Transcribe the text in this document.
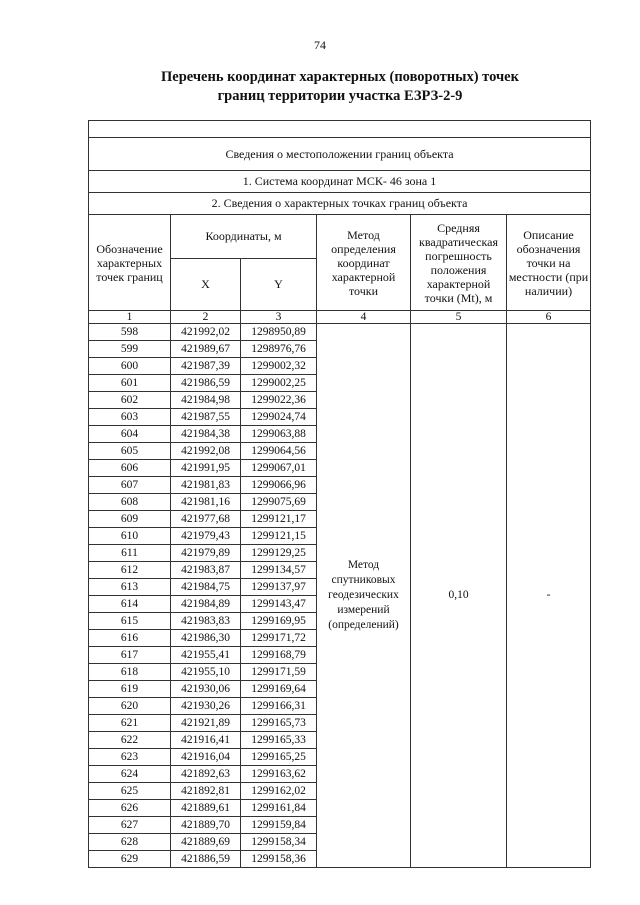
74
Перечень координат характерных (поворотных) точек
границ территории участка ЕЗРЗ-2-9

Сведения о местоположении границ объекта					
1. Система координат МСК- 46 зона 1					
2. Сведения о характерных точках границ объекта					
Обозначение характерных точек границ	Координаты, м		Метод определения координат характерной точки	Средняя квадратическая погрешность положения характерной точки (Mt), м	Описание обозначения точки на местности (при наличии)
	X	Y			
1	2	3	4	5	6
598	421992,02	1298950,89	Метод спутниковых геодезических измерений (определений)	0,10	-
599	421989,67	1298976,76			
600	421987,39	1299002,32			
601	421986,59	1299002,25			
602	421984,98	1299022,36			
603	421987,55	1299024,74			
604	421984,38	1299063,88			
605	421992,08	1299064,56			
606	421991,95	1299067,01			
607	421981,83	1299066,96			
608	421981,16	1299075,69			
609	421977,68	1299121,17			
610	421979,43	1299121,15			
611	421979,89	1299129,25			
612	421983,87	1299134,57			
613	421984,75	1299137,97			
614	421984,89	1299143,47			
615	421983,83	1299169,95			
616	421986,30	1299171,72			
617	421955,41	1299168,79			
618	421955,10	1299171,59			
619	421930,06	1299169,64			
620	421930,26	1299166,31			
621	421921,89	1299165,73			
622	421916,41	1299165,33			
623	421916,04	1299165,25			
624	421892,63	1299163,62			
625	421892,81	1299162,02			
626	421889,61	1299161,84			
627	421889,70	1299159,84			
628	421889,69	1299158,34			
629	421886,59	1299158,36			
